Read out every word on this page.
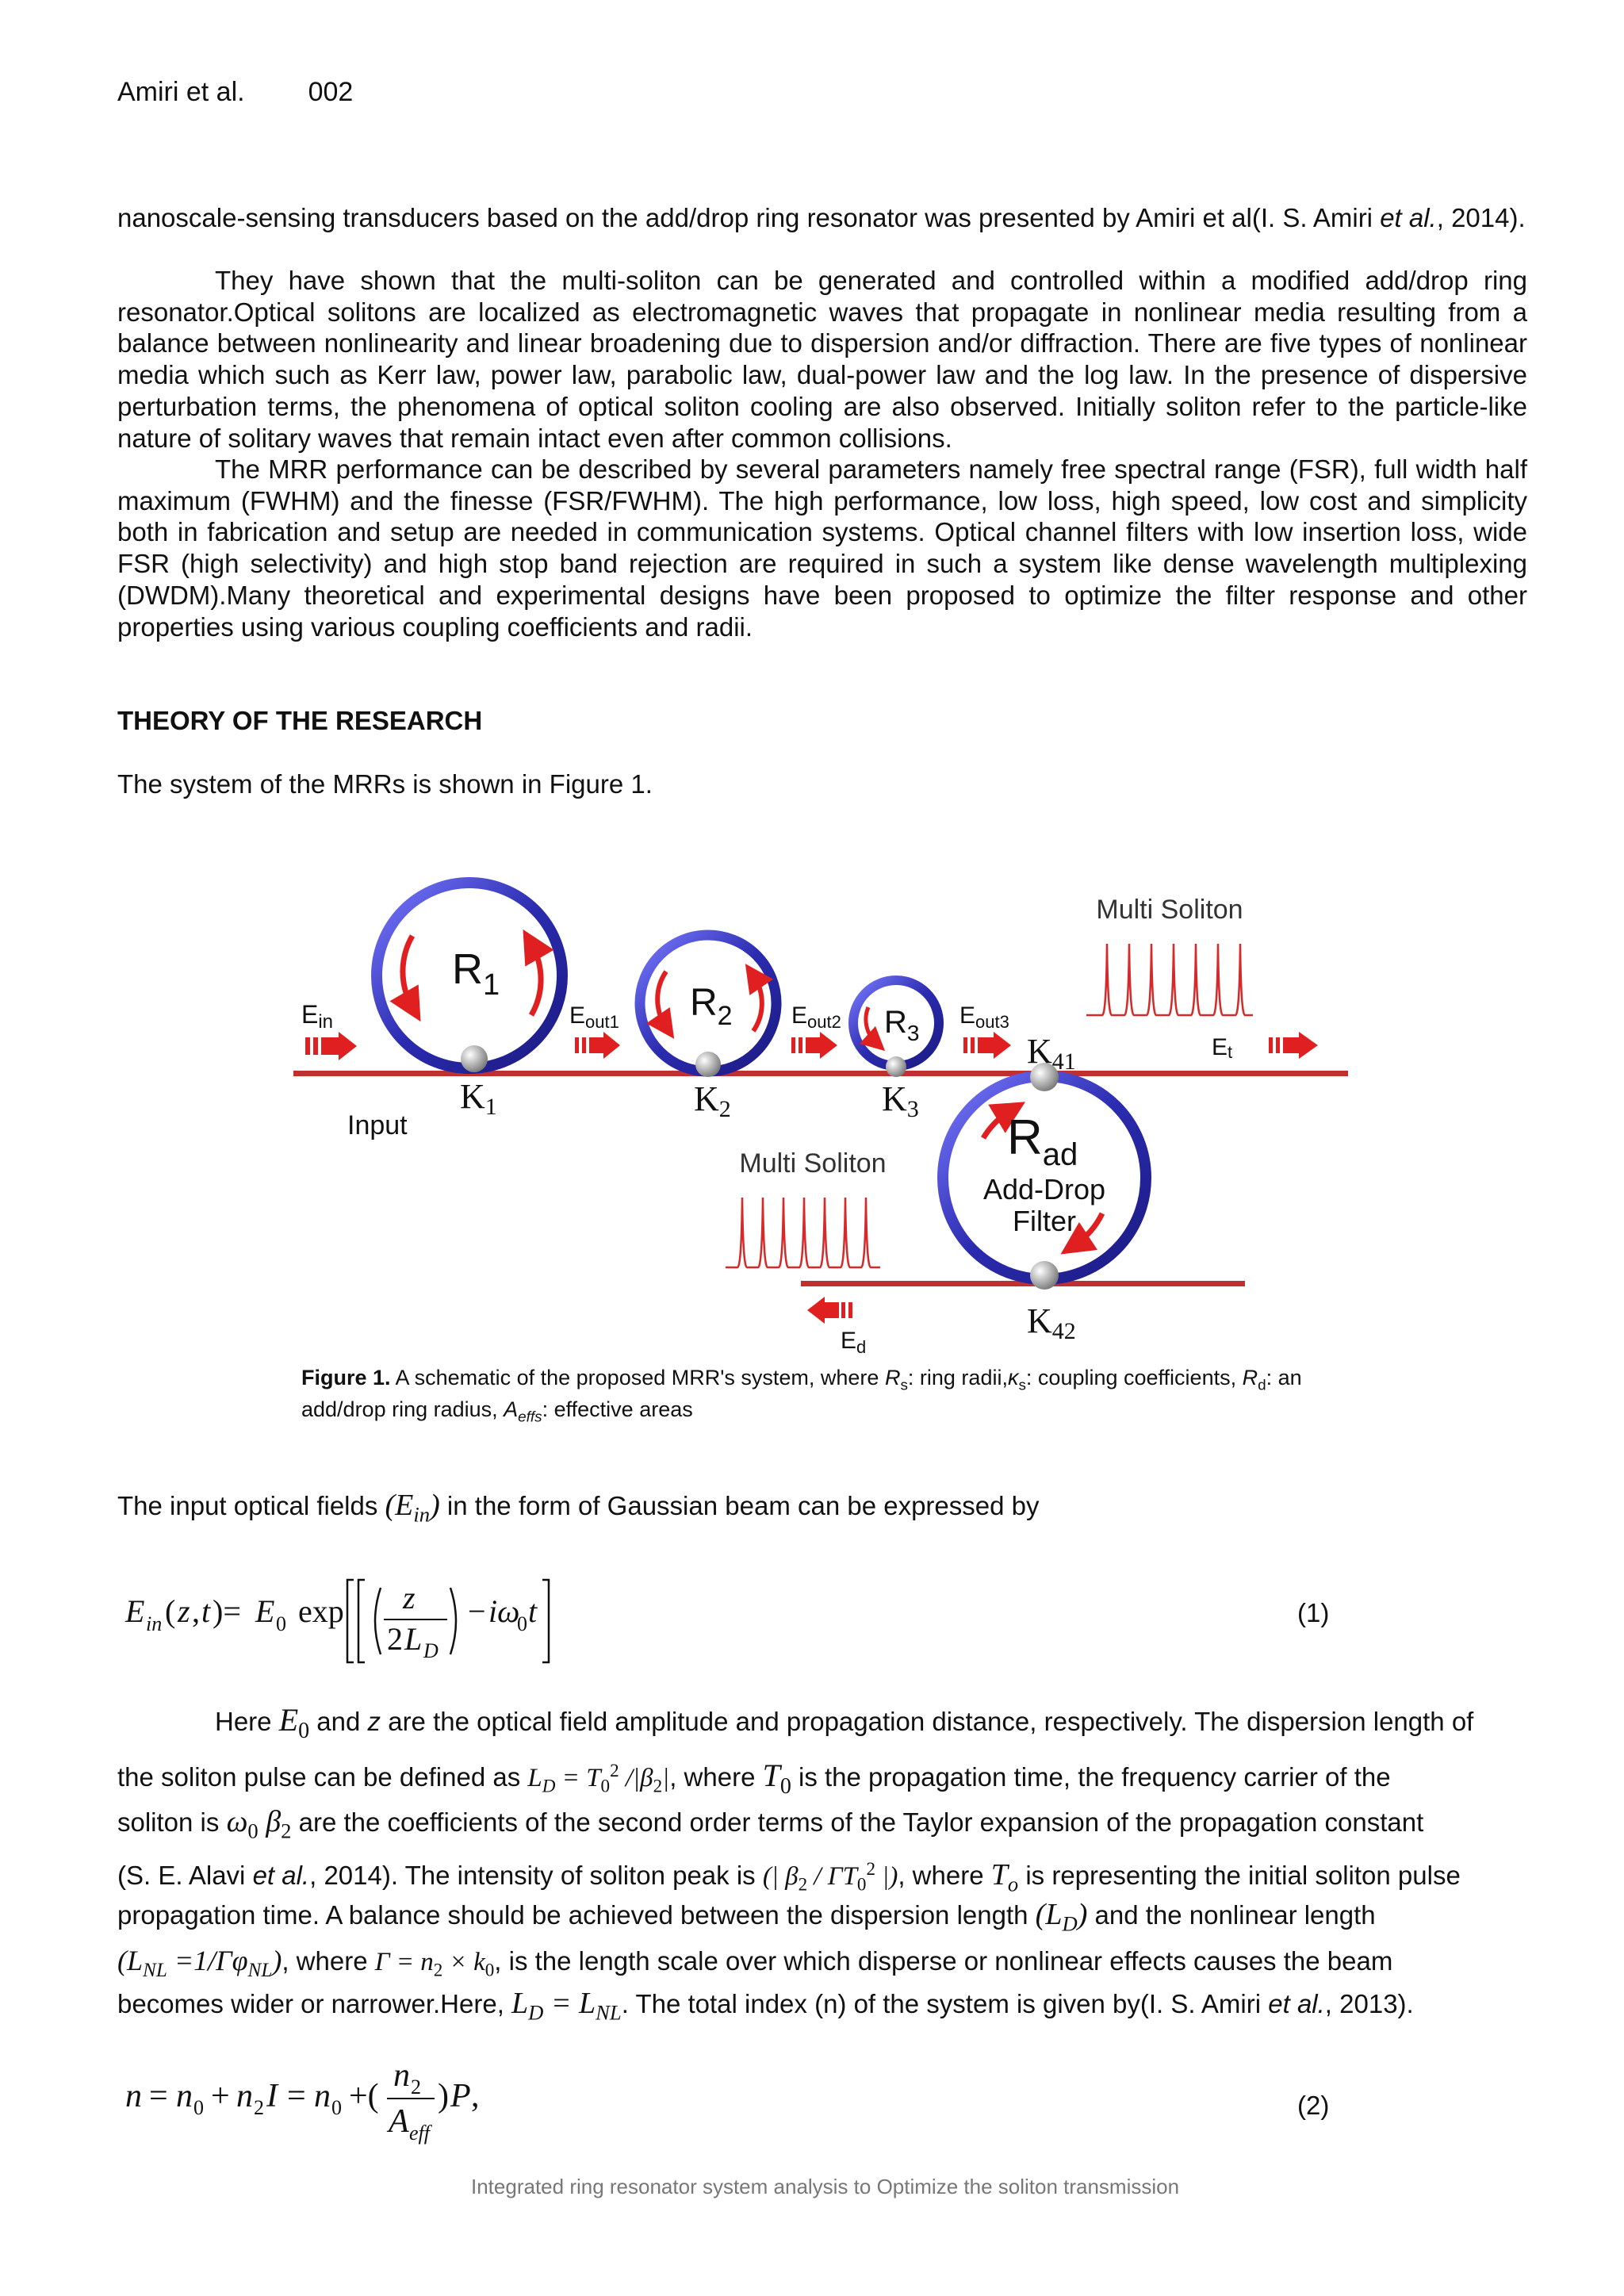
Amiri et al. 002
nanoscale-sensing transducers based on the add/drop ring resonator was presented by Amiri et al(I. S. Amiri et al., 2014).
They have shown that the multi-soliton can be generated and controlled within a modified add/drop ring resonator.Optical solitons are localized as electromagnetic waves that propagate in nonlinear media resulting from a balance between nonlinearity and linear broadening due to dispersion and/or diffraction. There are five types of nonlinear media which such as Kerr law, power law, parabolic law, dual-power law and the log law. In the presence of dispersive perturbation terms, the phenomena of optical soliton cooling are also observed. Initially soliton refer to the particle-like nature of solitary waves that remain intact even after common collisions.
The MRR performance can be described by several parameters namely free spectral range (FSR), full width half maximum (FWHM) and the finesse (FSR/FWHM). The high performance, low loss, high speed, low cost and simplicity both in fabrication and setup are needed in communication systems. Optical channel filters with low insertion loss, wide FSR (high selectivity) and high stop band rejection are required in such a system like dense wavelength multiplexing (DWDM).Many theoretical and experimental designs have been proposed to optimize the filter response and other properties using various coupling coefficients and radii.
THEORY OF THE RESEARCH
The system of the MRRs is shown in Figure 1.
$R_1$	$R_2$	$R_3$
$R_{ad}$
Add-Drop
Filter
K1	K2	K3
K41
K42
Ein	$E_{out1}$	$E_{out2}$	$E_{out3}$
Et
$E_d$
Multi Soliton
Multi Soliton
Input
Figure 1. A schematic of the proposed MRR's system, where $R_s$: ring $radii,\kappa_s$: coupling coefficients, $R_d$: an add/drop ring radius, $A_{effs}$: effective areas
The input optical fields $(E_{in})$ in the form of Gaussian beam can be expressed by
E in ( z , t )= E 0 exp z
2 L D
− iω
0 t	(1)
Here $E_0$ and z are the optical field amplitude and propagation distance, respectively. The dispersion length of
the soliton pulse can be defined as $L_D = T_0^2$ $/|\beta_2|$, where $T_0$ is the propagation time, the frequency carrier of the
soliton is $\omega_0$ $\beta_2$ are the coefficients of the second order terms of the Taylor expansion of the propagation constant
(S. E. Alavi et al., 2014). The intensity of soliton peak is (| $\beta_2 / \Gamma T_0^2$ |), where $T_o$ is representing the initial soliton pulse
propagation time. A balance should be achieved between the dispersion length $(L_D)$ and the nonlinear length
$(L_{NL} =1/\Gamma\varphi_{NL})$, where $\Gamma = n_2 \times k_0$, is the length scale over which disperse or nonlinear effects causes the beam
becomes wider or narrower.Here, $L_D = L_{NL}$. The total index (n) of the system is given by(I. S. Amiri et al., 2013).
n = n 0 + n 2 I = n 0 +(
n 2
A eff
) P ,	(2)
Integrated ring resonator system analysis to Optimize the soliton transmission
